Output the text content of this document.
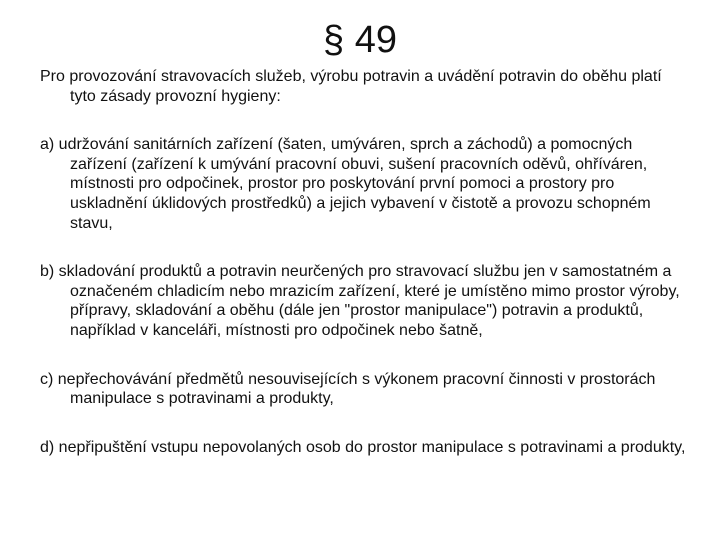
§ 49

Pro provozování stravovacích služeb, výrobu potravin a uvádění potravin do oběhu platí tyto zásady provozní hygieny:

a) udržování sanitárních zařízení (šaten, umýváren, sprch a záchodů) a pomocných zařízení (zařízení k umývání pracovní obuvi, sušení pracovních oděvů, ohříváren, místnosti pro odpočinek, prostor pro poskytování první pomoci a prostory pro uskladnění úklidových prostředků) a jejich vybavení v čistotě a provozu schopném stavu,

b) skladování produktů a potravin neurčených pro stravovací službu jen v samostatném a označeném chladicím nebo mrazicím zařízení, které je umístěno mimo prostor výroby, přípravy, skladování a oběhu (dále jen "prostor manipulace") potravin a produktů, například v kanceláři, místnosti pro odpočinek nebo šatně,

c) nepřechovávání předmětů nesouvisejících s výkonem pracovní činnosti v prostorách manipulace s potravinami a produkty,

d) nepřipuštění vstupu nepovolaných osob do prostor manipulace s potravinami a produkty,
